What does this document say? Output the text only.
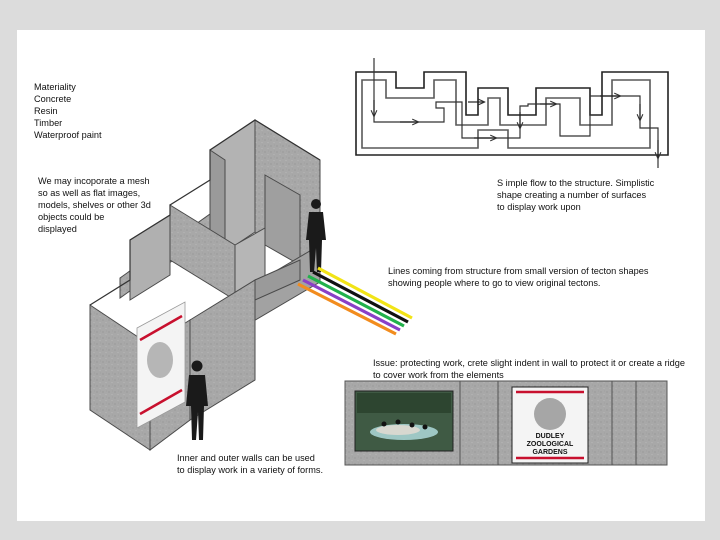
Materiality
Concrete
Resin
Timber
Waterproof paint
We may incoporate a mesh
so as well as flat images,
models, shelves or other 3d
objects could be
displayed
S imple flow to the structure. Simplistic
shape creating a number of surfaces
to display work upon
Lines coming from structure from small version of tecton shapes
showing people where to go to view original tectons.
Issue: protecting work, crete slight indent in wall to protect it or create a ridge
to cover work from the elements
Inner and outer walls can be used
to display work in a variety of forms.
DUDLEY
ZOOLOGICAL
GARDENS
